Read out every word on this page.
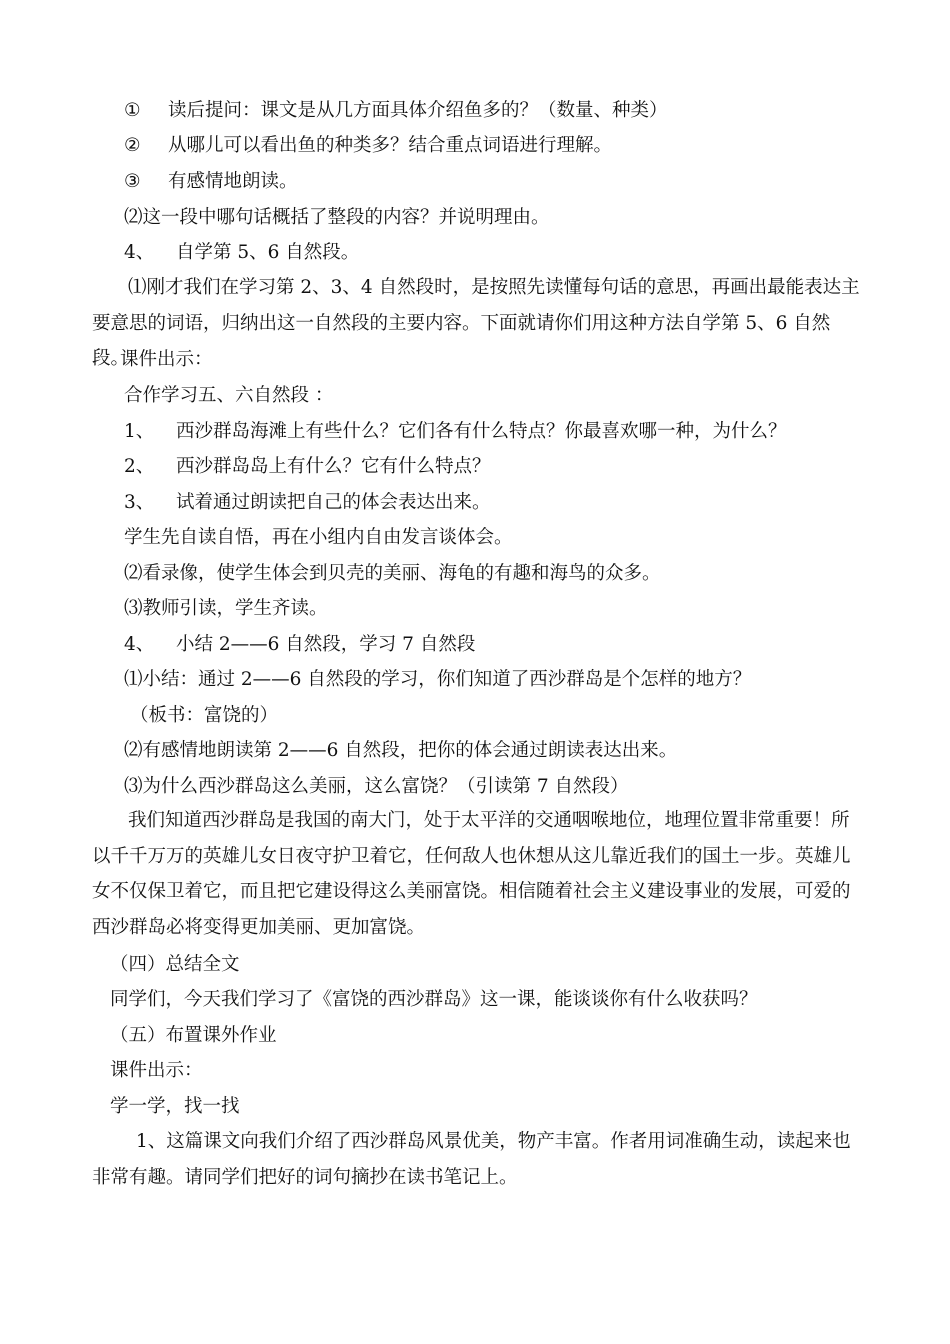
① 读后提问：课文是从几方面具体介绍鱼多的？（数量、种类）
② 从哪儿可以看出鱼的种类多？结合重点词语进行理解。
③ 有感情地朗读。
⑵这一段中哪句话概括了整段的内容？并说明理由。
4、 自学第 5、6 自然段。
⑴刚才我们在学习第 2、3、4 自然段时，是按照先读懂每句话的意思，再画出最能表达主要意思的词语，归纳出这一自然段的主要内容。下面就请你们用这种方法自学第 5、6 自然段。
课件出示：
合作学习五、六自然段 ：
1、 西沙群岛海滩上有些什么？它们各有什么特点？你最喜欢哪一种，为什么？
2、 西沙群岛岛上有什么？它有什么特点？
3、 试着通过朗读把自己的体会表达出来。
学生先自读自悟，再在小组内自由发言谈体会。
⑵看录像，使学生体会到贝壳的美丽、海龟的有趣和海鸟的众多。
⑶教师引读，学生齐读。
4、 小结 2——6 自然段，学习 7 自然段
⑴小结：通过 2——6 自然段的学习，你们知道了西沙群岛是个怎样的地方？
（板书：富饶的）
⑵有感情地朗读第 2——6 自然段，把你的体会通过朗读表达出来。
⑶为什么西沙群岛这么美丽，这么富饶？（引读第 7 自然段）
我们知道西沙群岛是我国的南大门，处于太平洋的交通咽喉地位，地理位置非常重要！所以千千万万的英雄儿女日夜守护卫着它，任何敌人也休想从这儿靠近我们的国土一步。英雄儿女不仅保卫着它，而且把它建设得这么美丽富饶。相信随着社会主义建设事业的发展，可爱的西沙群岛必将变得更加美丽、更加富饶。
（四）总结全文
同学们，今天我们学习了《富饶的西沙群岛》这一课，能谈谈你有什么收获吗？
（五）布置课外作业
课件出示：
学一学，找一找
1、这篇课文向我们介绍了西沙群岛风景优美，物产丰富。作者用词准确生动，读起来也非常有趣。请同学们把好的词句摘抄在读书笔记上。
